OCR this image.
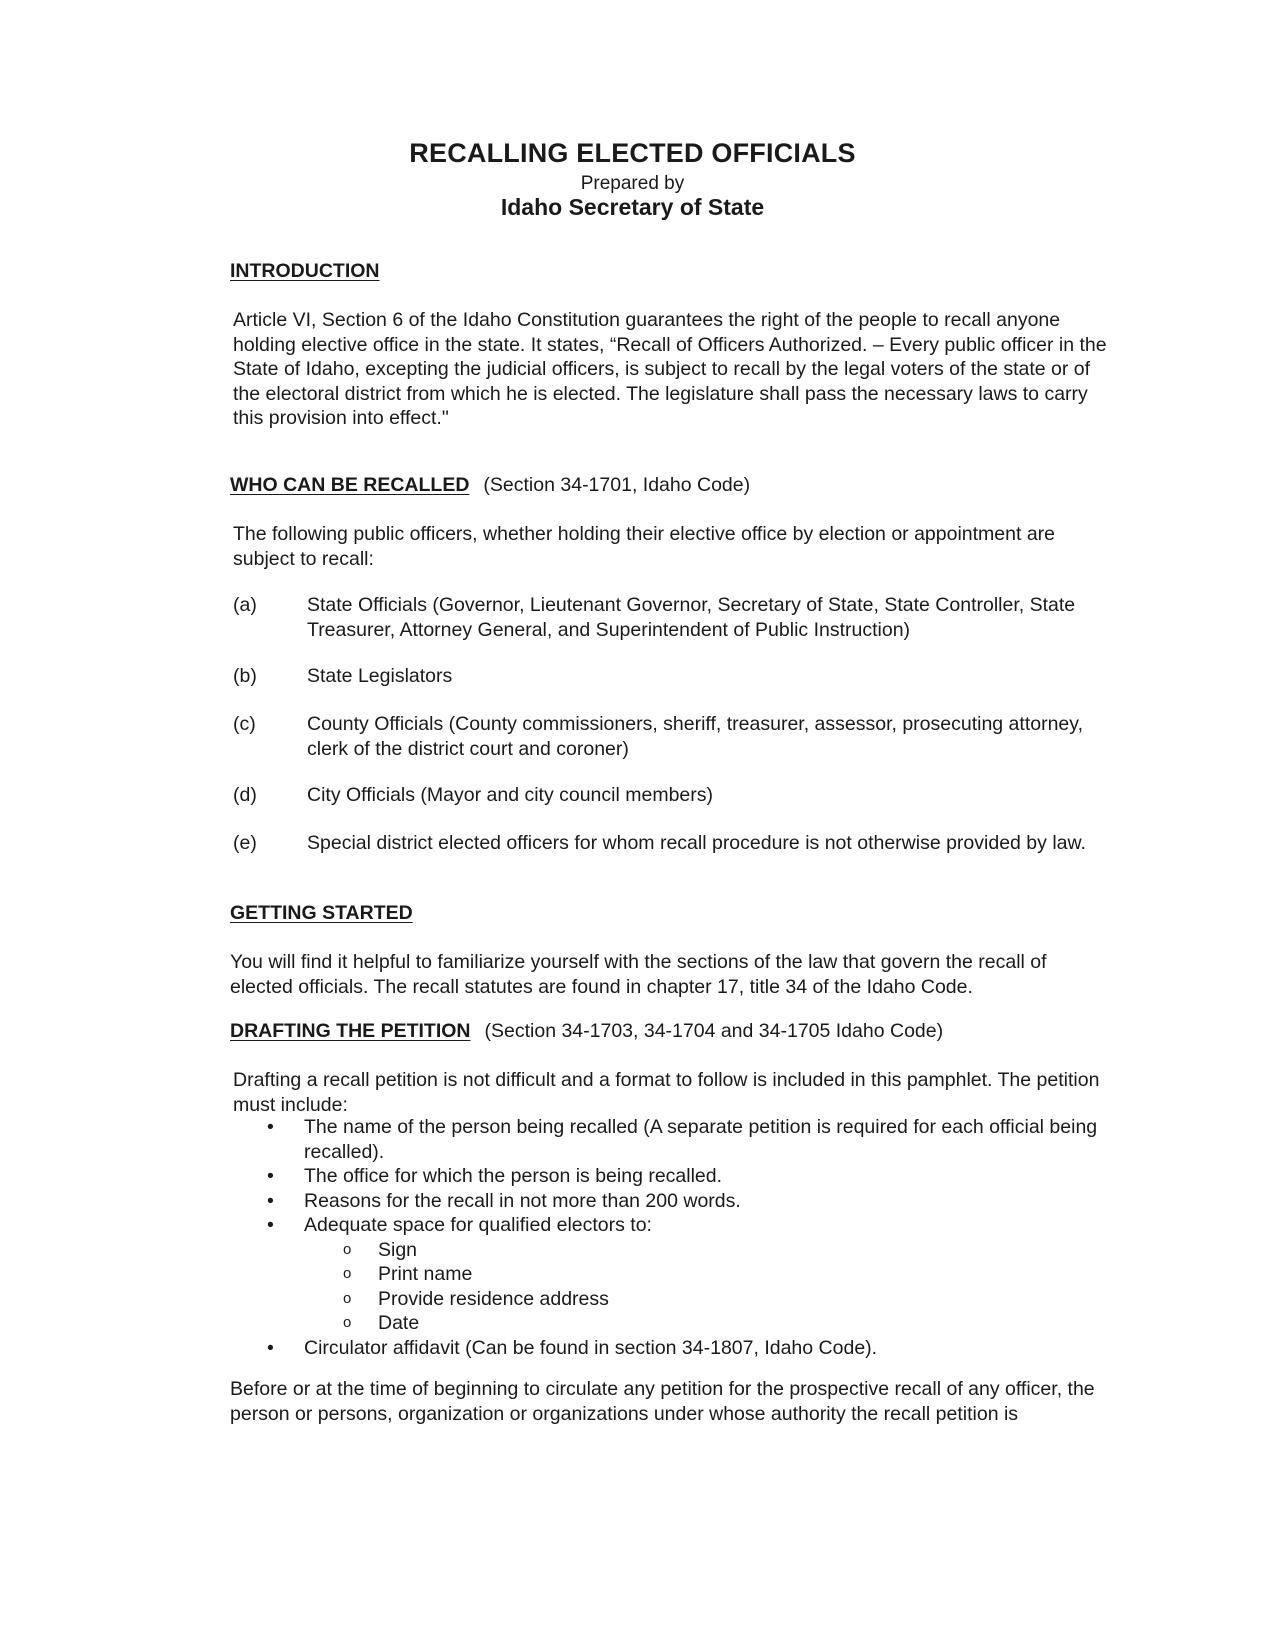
RECALLING ELECTED OFFICIALS
Prepared by
Idaho Secretary of State
INTRODUCTION

Article VI, Section 6 of the Idaho Constitution guarantees the right of the people to recall anyone holding elective office in the state. It states, “Recall of Officers Authorized. – Every public officer in the State of Idaho, excepting the judicial officers, is subject to recall by the legal voters of the state or of the electoral district from which he is elected. The legislature shall pass the necessary laws to carry this provision into effect."

WHO CAN BE RECALLED (Section 34-1701, Idaho Code)

The following public officers, whether holding their elective office by election or appointment are subject to recall:

(a)	State Officials (Governor, Lieutenant Governor, Secretary of State, State Controller, State Treasurer, Attorney General, and Superintendent of Public Instruction)
(b)	State Legislators
(c)	County Officials (County commissioners, sheriff, treasurer, assessor, prosecuting attorney, clerk of the district court and coroner)
(d)	City Officials (Mayor and city council members)
(e)	Special district elected officers for whom recall procedure is not otherwise provided by law.
GETTING STARTED

You will find it helpful to familiarize yourself with the sections of the law that govern the recall of elected officials. The recall statutes are found in chapter 17, title 34 of the Idaho Code.

DRAFTING THE PETITION (Section 34-1703, 34-1704 and 34-1705 Idaho Code)

Drafting a recall petition is not difficult and a format to follow is included in this pamphlet. The petition must include:

• The name of the person being recalled (A separate petition is required for each official being recalled).
• The office for which the person is being recalled.
• Reasons for the recall in not more than 200 words.
• Adequate space for qualified electors to:
o Sign
o Print name
o Provide residence address
o Date
• Circulator affidavit (Can be found in section 34-1807, Idaho Code).

Before or at the time of beginning to circulate any petition for the prospective recall of any officer, the person or persons, organization or organizations under whose authority the recall petition is
